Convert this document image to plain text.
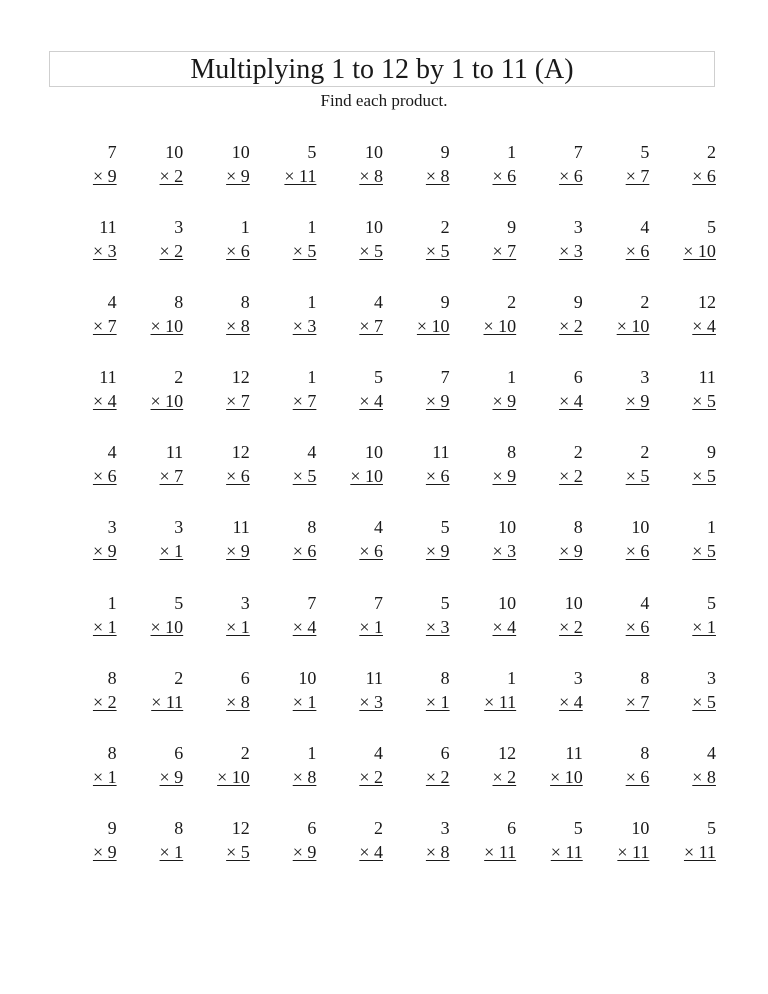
Multiplying 1 to 12 by 1 to 11 (A)
Find each product.
7
× 9
10
× 2
10
× 9
5
× 11
10
× 8
9
× 8
1
× 6
7
× 6
5
× 7
2
× 6
11
× 3
3
× 2
1
× 6
1
× 5
10
× 5
2
× 5
9
× 7
3
× 3
4
× 6
5
× 10
4
× 7
8
× 10
8
× 8
1
× 3
4
× 7
9
× 10
2
× 10
9
× 2
2
× 10
12
× 4
11
× 4
2
× 10
12
× 7
1
× 7
5
× 4
7
× 9
1
× 9
6
× 4
3
× 9
11
× 5
4
× 6
11
× 7
12
× 6
4
× 5
10
× 10
11
× 6
8
× 9
2
× 2
2
× 5
9
× 5
3
× 9
3
× 1
11
× 9
8
× 6
4
× 6
5
× 9
10
× 3
8
× 9
10
× 6
1
× 5
1
× 1
5
× 10
3
× 1
7
× 4
7
× 1
5
× 3
10
× 4
10
× 2
4
× 6
5
× 1
8
× 2
2
× 11
6
× 8
10
× 1
11
× 3
8
× 1
1
× 11
3
× 4
8
× 7
3
× 5
8
× 1
6
× 9
2
× 10
1
× 8
4
× 2
6
× 2
12
× 2
11
× 10
8
× 6
4
× 8
9
× 9
8
× 1
12
× 5
6
× 9
2
× 4
3
× 8
6
× 11
5
× 11
10
× 11
5
× 11
